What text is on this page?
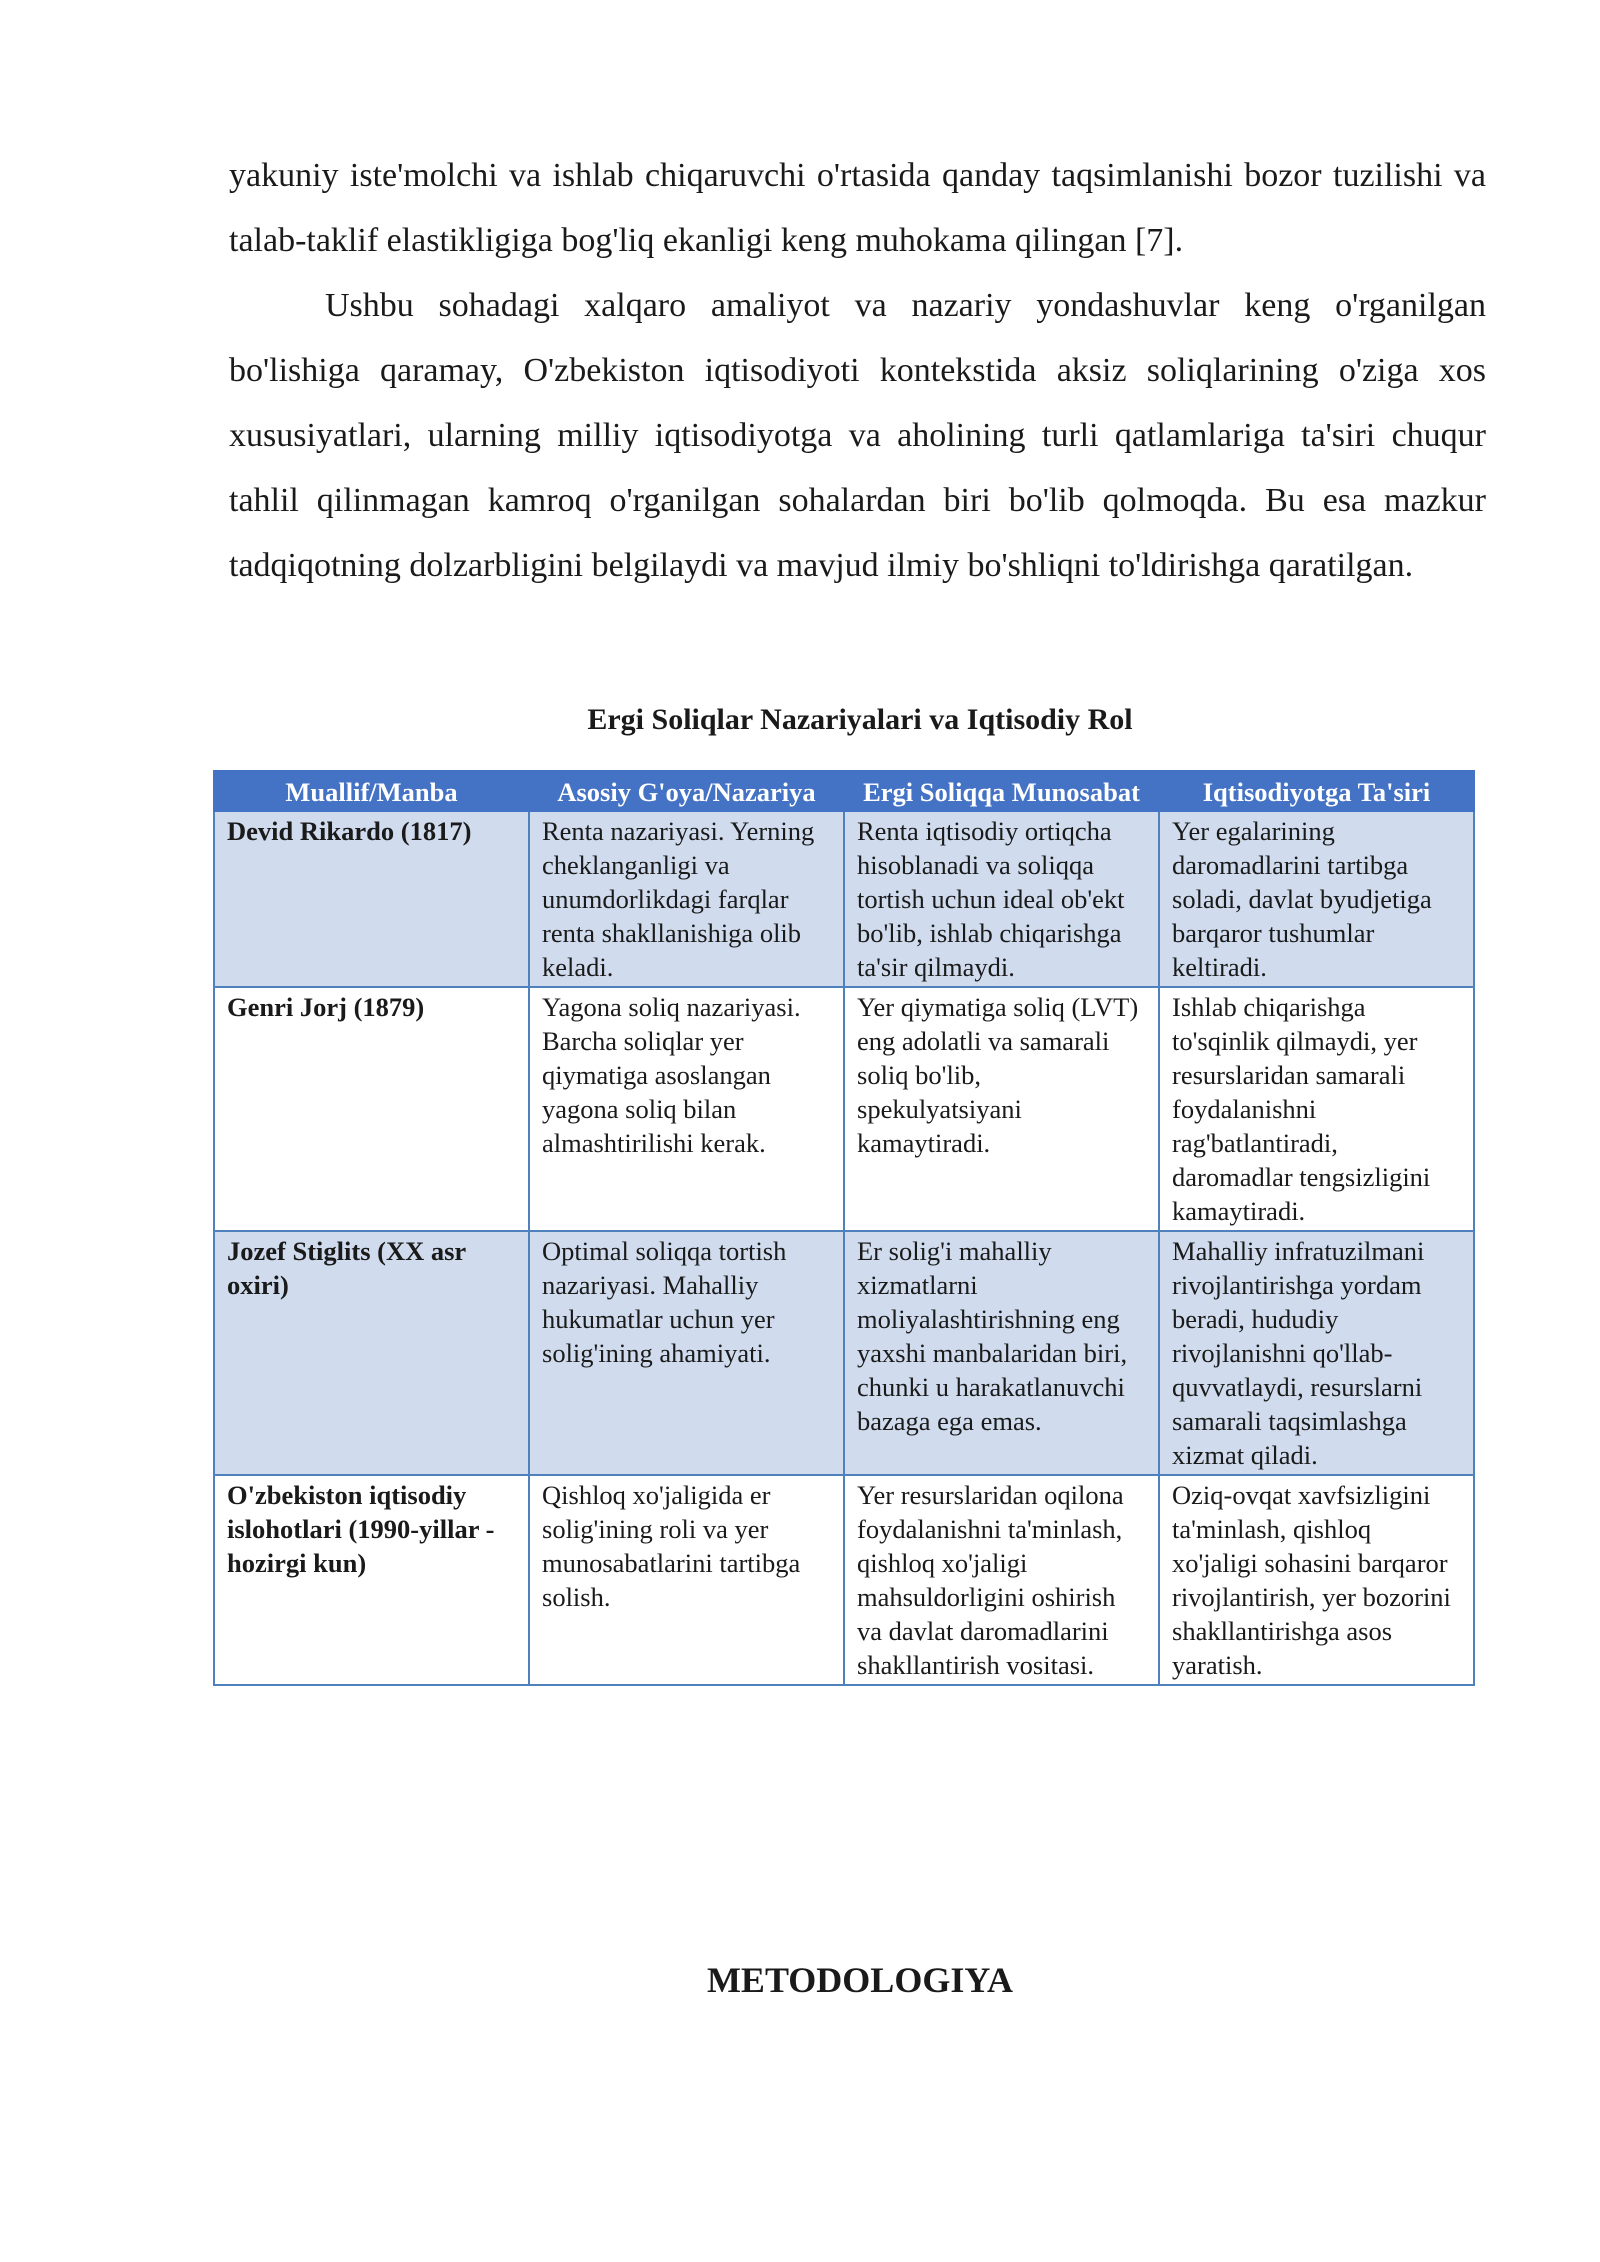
yakuniy iste'molchi va ishlab chiqaruvchi o'rtasida qanday taqsimlanishi bozor tuzilishi va talab-taklif elastikligiga bog'liq ekanligi keng muhokama qilingan [7].

Ushbu sohadagi xalqaro amaliyot va nazariy yondashuvlar keng o'rganilgan bo'lishiga qaramay, O'zbekiston iqtisodiyoti kontekstida aksiz soliqlarining o'ziga xos xususiyatlari, ularning milliy iqtisodiyotga va aholining turli qatlamlariga ta'siri chuqur tahlil qilinmagan kamroq o'rganilgan sohalardan biri bo'lib qolmoqda. Bu esa mazkur tadqiqotning dolzarbligini belgilaydi va mavjud ilmiy bo'shliqni to'ldirishga qaratilgan.

Ergi Soliqlar Nazariyalari va Iqtisodiy Rol

Muallif/Manba	Asosiy G'oya/Nazariya	Ergi Soliqqa Munosabat	Iqtisodiyotga Ta'siri
Devid Rikardo (1817)	Renta nazariyasi. Yerning cheklanganligi va unumdorlikdagi farqlar renta shakllanishiga olib keladi.	Renta iqtisodiy ortiqcha hisoblanadi va soliqqa tortish uchun ideal ob'ekt bo'lib, ishlab chiqarishga ta'sir qilmaydi.	Yer egalarining daromadlarini tartibga soladi, davlat byudjetiga barqaror tushumlar keltiradi.
Genri Jorj (1879)	Yagona soliq nazariyasi. Barcha soliqlar yer qiymatiga asoslangan yagona soliq bilan almashtirilishi kerak.	Yer qiymatiga soliq (LVT) eng adolatli va samarali soliq bo'lib, spekulyatsiyani kamaytiradi.	Ishlab chiqarishga to'sqinlik qilmaydi, yer resurslaridan samarali foydalanishni rag'batlantiradi, daromadlar tengsizligini kamaytiradi.
Jozef Stiglits (XX asr oxiri)	Optimal soliqqa tortish nazariyasi. Mahalliy hukumatlar uchun yer solig'ining ahamiyati.	Er solig'i mahalliy xizmatlarni moliyalashtirishning eng yaxshi manbalaridan biri, chunki u harakatlanuvchi bazaga ega emas.	Mahalliy infratuzilmani rivojlantirishga yordam beradi, hududiy rivojlanishni qo'llab-quvvatlaydi, resurslarni samarali taqsimlashga xizmat qiladi.
O'zbekiston iqtisodiy islohotlari (1990-yillar - hozirgi kun)	Qishloq xo'jaligida er solig'ining roli va yer munosabatlarini tartibga solish.	Yer resurslaridan oqilona foydalanishni ta'minlash, qishloq xo'jaligi mahsuldorligini oshirish va davlat daromadlarini shakllantirish vositasi.	Oziq-ovqat xavfsizligini ta'minlash, qishloq xo'jaligi sohasini barqaror rivojlantirish, yer bozorini shakllantirishga asos yaratish.
METODOLOGIYA
